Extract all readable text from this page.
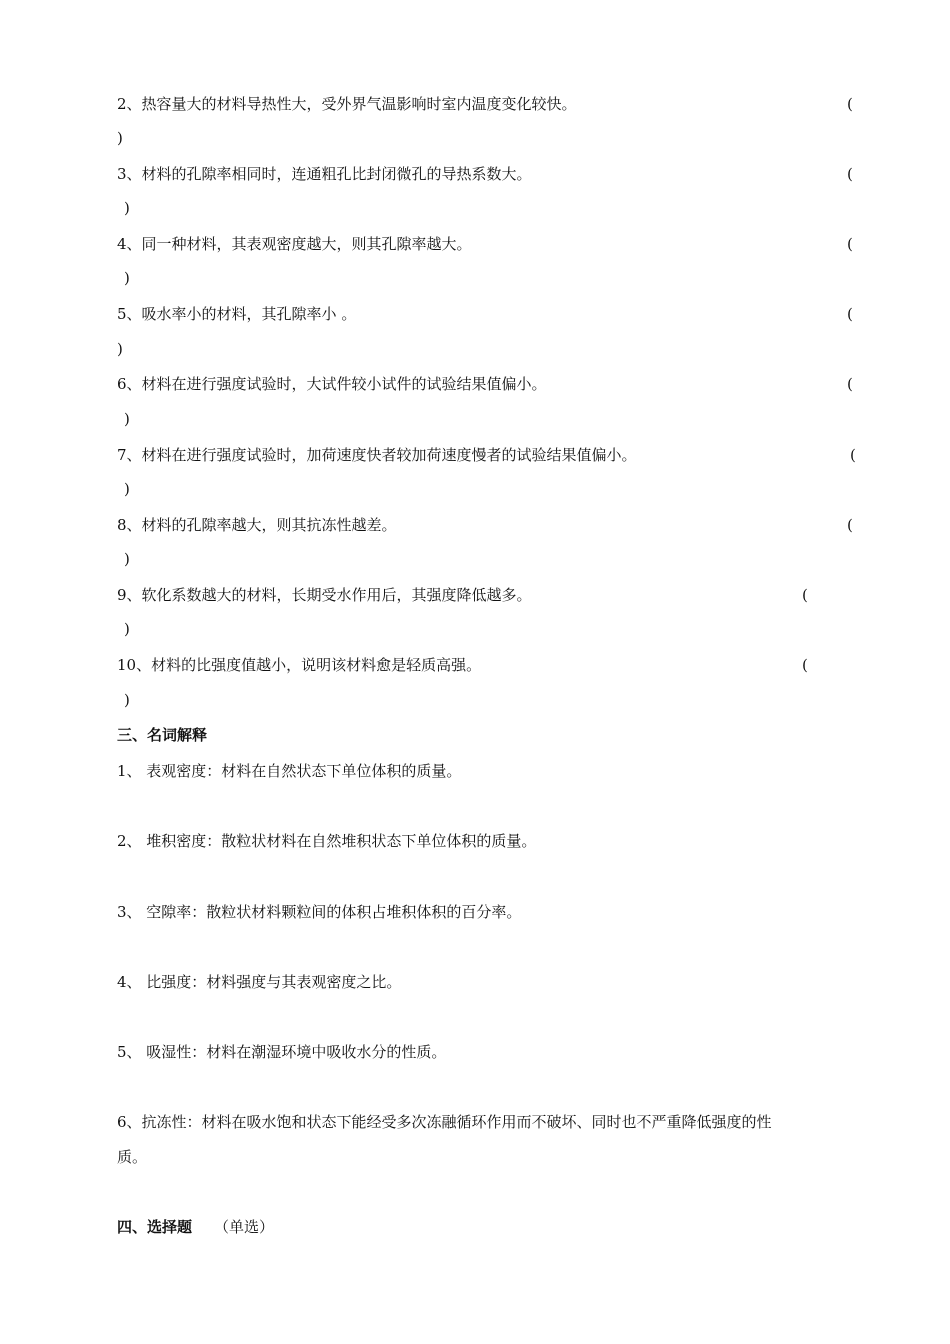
2、热容量大的材料导热性大，受外界气温影响时室内温度变化较快。	(
)
3、材料的孔隙率相同时，连通粗孔比封闭微孔的导热系数大。	(
)
4、同一种材料，其表观密度越大，则其孔隙率越大。	(
)
5、吸水率小的材料，其孔隙率小 。	(
)
6、材料在进行强度试验时，大试件较小试件的试验结果值偏小。	(
)
7、材料在进行强度试验时，加荷速度快者较加荷速度慢者的试验结果值偏小。	(
)
8、材料的孔隙率越大，则其抗冻性越差。	(
)
9、软化系数越大的材料，长期受水作用后，其强度降低越多。	(
)
10、材料的比强度值越小，说明该材料愈是轻质高强。	(
)
三、名词解释
1、 表观密度：材料在自然状态下单位体积的质量。
2、 堆积密度：散粒状材料在自然堆积状态下单位体积的质量。
3、 空隙率：散粒状材料颗粒间的体积占堆积体积的百分率。
4、 比强度：材料强度与其表观密度之比。
5、 吸湿性：材料在潮湿环境中吸收水分的性质。
6、抗冻性：材料在吸水饱和状态下能经受多次冻融循环作用而不破坏、同时也不严重降低强度的性
质。
四、选择题 （单选）
